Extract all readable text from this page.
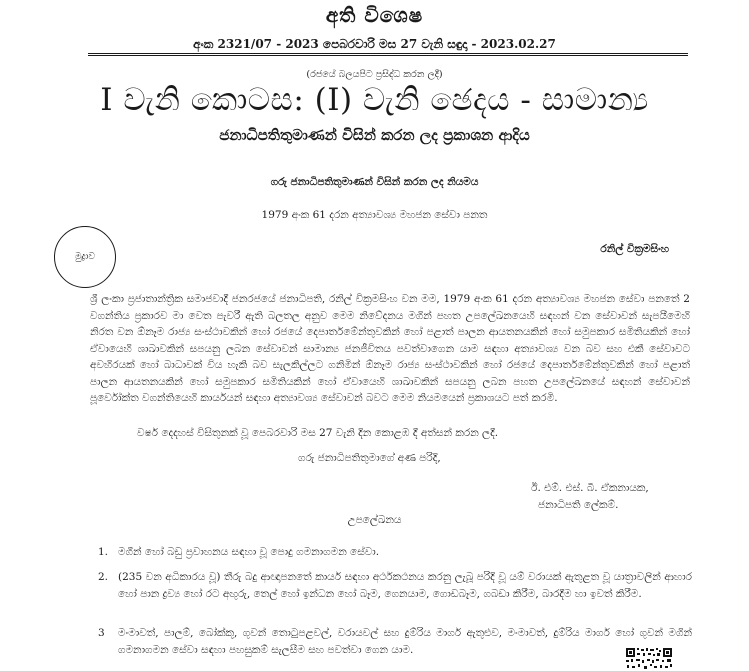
අති විශෙෂ
අංක 2321/07 - 2023 පෙබරවාරි මස 27 වැනි සඳුදා - 2023.02.27
(රජයේ බලයපිට ප්‍රසිද්ධ කරන ලදී)
I වැනි කොටස: (I) වැනි ඡෙදය - සාමාන්‍ය
ජනාධිපතිතුමාණන් විසින් කරන ලද ප්‍රකාශන ආදිය
ගරු ජනාධිපතිතුමාණන් විසින් කරන ලද නියමය
1979 අංක 61 දරන අත්‍යාවශ්‍ය මහජන සේවා පනත
මුද්‍රාව
රනිල් වික්‍රමසිංහ
ශ්‍රී ලංකා ප්‍රජාතාන්ත්‍රික සමාජවාදී ජනරජයේ ජනාධිපති, රනිල් වික්‍රමසිංහ වන මම, 1979 අංක 61 දරන අත්‍යාවශ්‍ය මහජන සේවා පනතේ 2 වගන්තිය ප්‍රකාරව මා වෙත පැවරී ඇති බලතල අනුව මෙම නිවේදනය මගින් පහත උපලේඛනයෙහි සඳහන් වන සේවාවන් සැපයීමෙහි නිරත වන ඕනෑම රාජ්‍ය සංස්ථාවකින් හෝ රජයේ දෙපාර්තමේන්තුවකින් හෝ පළාත් පාලන ආයතනයකින් හෝ සමුපකාර සමිතියකින් හෝ ඒවායෙහි ශාඛාවකින් සපයනු ලබන සේවාවන් සාමාන්‍ය ජනජීවිතය පවත්වාගෙන යාම සඳහා අත්‍යාවශ්‍ය වන බව සහ එකී සේවාවට අවහිරයක් හෝ බාධාවක් විය හැකි බව සැලකිල්ලට ගනිමින් ඕනෑම රාජ්‍ය සංස්ථාවකින් හෝ රජයේ දෙපාර්තමේන්තුවකින් හෝ පළාත් පාලන ආයතනයකින් හෝ සමුපකාර සමිතියකින් හෝ ඒවායෙහි ශාඛාවකින් සපයනු ලබන පහත උපලේඛනයේ සඳහන් සේවාවන් පූර්වෝක්ත වගන්තියෙහි කාර්යයන් සඳහා අත්‍යාවශ්‍ය සේවාවන් බවට මෙම නියමයෙන් ප්‍රකාශයට පත් කරමි.
වර්ෂ දෙදහස් විසිතුනක් වූ පෙබරවාරි මස 27 වැනි දින කොළඹ දී අත්සන් කරන ලදී.
ගරු ජනාධිපතිතුමාගේ අණ පරිදි,
ඊ. එම්. එස්. බී. ඒකනායක,
ජනාධිපති ලේකම්.
උපලේඛනය
1. මගීන් හෝ බඩු ප්‍රවාහනය සඳහා වූ පොදු ගමනාගමන සේවා.
2. (235 වන අධිකාරය වූ) තීරු බදු ආඥාපනතේ කාර්ය සඳහා අර්ථකථනය කරනු ලැබූ පරිදි වූ යම් වරායක් ඇතුළත වූ යාත්‍රාවලින් ආහාර හෝ පාන ද්‍රව්‍ය හෝ රට අඟුරු, තෙල් හෝ ඉන්ධන හෝ බෑම, ගෙනයාම, ගොඩබෑම, ගබඩා කිරීම, බාරදීම හා ඉවත් කිරීම.
3	මංමාවත්, පාලම්, බෝක්කු, ගුවන් තොටුපළවල්, වරායවල් සහ දුම්රිය මාර්ග ඇතුළුව, මංමාවත්, දුම්රිය මාර්ග හෝ ගුවන් මගින් ගමනාගමන සේවා සඳහා පහසුකම් සැලසීම සහ පවත්වා ගෙන යාම.
